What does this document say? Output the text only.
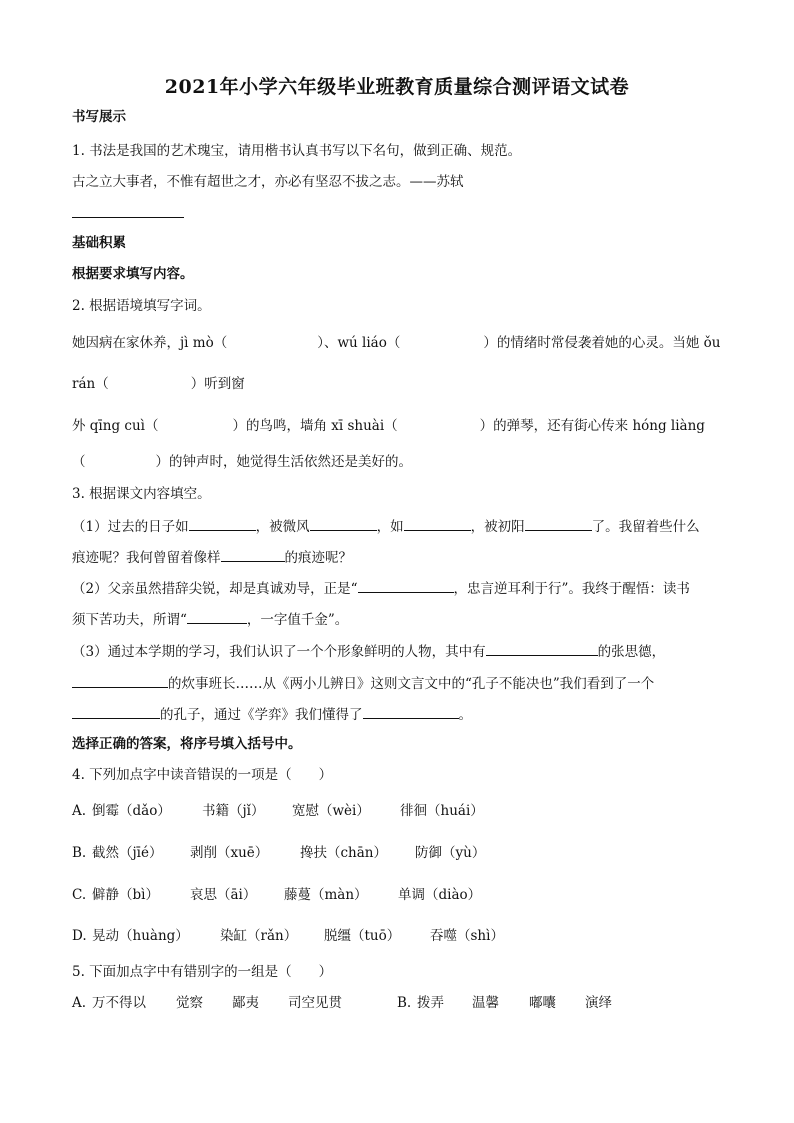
2021年小学六年级毕业班教育质量综合测评语文试卷
书写展示
1. 书法是我国的艺术瑰宝，请用楷书认真书写以下名句，做到正确、规范。
古之立大事者，不惟有超世之才，亦必有坚忍不拔之志。——苏轼
基础积累
根据要求填写内容。
2. 根据语境填写字词。
她因病在家休养，jì mò（	）、wú liáo（	）的情绪时常侵袭着她的心灵。当她 ǒu
rán（	）听到窗
外 qīng cuì（	）的鸟鸣，墙角 xī shuài（	）的弹琴，还有街心传来 hóng liàng
（	）的钟声时，她觉得生活依然还是美好的。
3. 根据课文内容填空。
（1）过去的日子如	，被微风	，如	，被初阳	了。我留着些什么
痕迹呢？我何曾留着像样	的痕迹呢？
（2）父亲虽然措辞尖锐，却是真诚劝导，正是“	，忠言逆耳利于行”。我终于醒悟：读书
须下苦功夫，所谓“	，一字值千金”。
（3）通过本学期的学习，我们认识了一个个形象鲜明的人物，其中有	的张思德，
的炊事班长……从《两小儿辨日》这则文言文中的“孔子不能决也”我们看到了一个
的孔子，通过《学弈》我们懂得了	。
选择正确的答案，将序号填入括号中。
4. 下列加点字中读音错误的一项是（　　）
A. 倒霉（dǎo） 书籍（jǐ） 宽慰（wèi） 徘徊（huái）
B. 截然（jīé） 剥削（xuē） 搀扶（chān） 防御（yù）
C. 僻静（bì） 哀思（āi） 藤蔓（màn） 单调（diào）
D. 晃动（huàng） 染缸（rǎn） 脱缰（tuō） 吞噬（shì）
5. 下面加点字中有错别字的一组是（　　）
A. 万不得以 觉察 鄙夷 司空见贯	B. 拨弄 温馨 嘟囔 演绎
